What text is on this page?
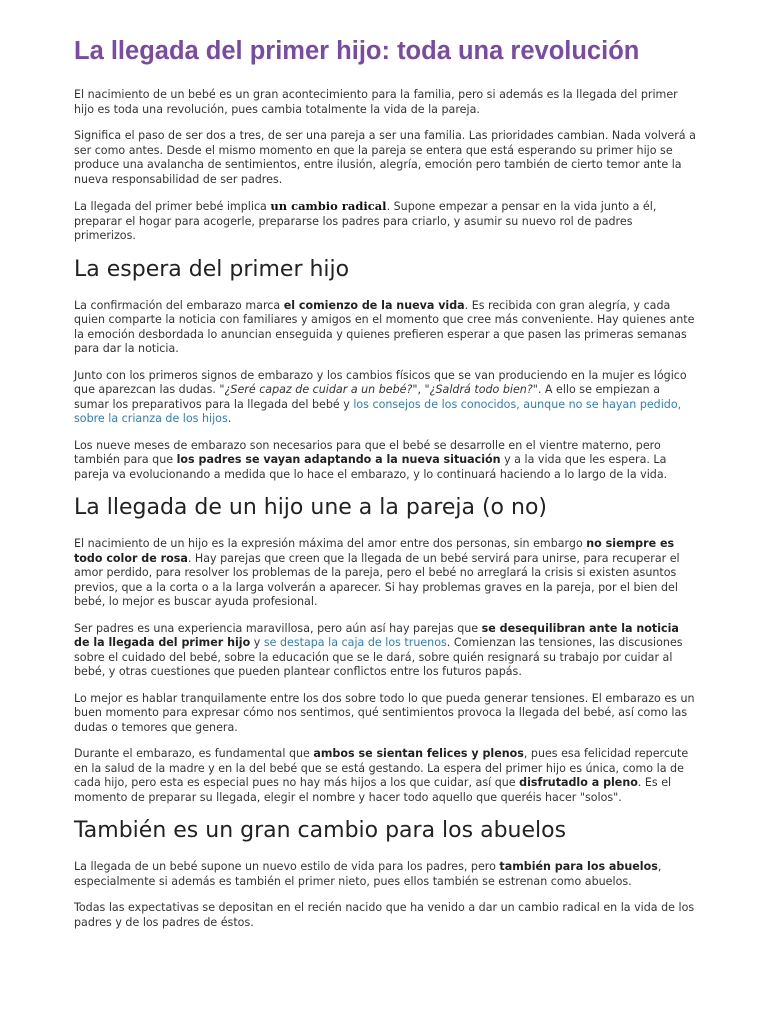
La llegada del primer hijo: toda una revolución

El nacimiento de un bebé es un gran acontecimiento para la familia, pero si además es la llegada del primer hijo es toda una revolución, pues cambia totalmente la vida de la pareja.

Significa el paso de ser dos a tres, de ser una pareja a ser una familia. Las prioridades cambian. Nada volverá a ser como antes. Desde el mismo momento en que la pareja se entera que está esperando su primer hijo se produce una avalancha de sentimientos, entre ilusión, alegría, emoción pero también de cierto temor ante la nueva responsabilidad de ser padres.

La llegada del primer bebé implica un cambio radical. Supone empezar a pensar en la vida junto a él, preparar el hogar para acogerle, prepararse los padres para criarlo, y asumir su nuevo rol de padres primerizos.

La espera del primer hijo

La confirmación del embarazo marca el comienzo de la nueva vida. Es recibida con gran alegría, y cada quien comparte la noticia con familiares y amigos en el momento que cree más conveniente. Hay quienes ante la emoción desbordada lo anuncian enseguida y quienes prefieren esperar a que pasen las primeras semanas para dar la noticia.

Junto con los primeros signos de embarazo y los cambios físicos que se van produciendo en la mujer es lógico que aparezcan las dudas. "¿Seré capaz de cuidar a un bebé?", "¿Saldrá todo bien?". A ello se empiezan a sumar los preparativos para la llegada del bebé y los consejos de los conocidos, aunque no se hayan pedido, sobre la crianza de los hijos.

Los nueve meses de embarazo son necesarios para que el bebé se desarrolle en el vientre materno, pero también para que los padres se vayan adaptando a la nueva situación y a la vida que les espera. La pareja va evolucionando a medida que lo hace el embarazo, y lo continuará haciendo a lo largo de la vida.

La llegada de un hijo une a la pareja (o no)

El nacimiento de un hijo es la expresión máxima del amor entre dos personas, sin embargo no siempre es todo color de rosa. Hay parejas que creen que la llegada de un bebé servirá para unirse, para recuperar el amor perdido, para resolver los problemas de la pareja, pero el bebé no arreglará la crisis si existen asuntos previos, que a la corta o a la larga volverán a aparecer. Si hay problemas graves en la pareja, por el bien del bebé, lo mejor es buscar ayuda profesional.

Ser padres es una experiencia maravillosa, pero aún así hay parejas que se desequilibran ante la noticia de la llegada del primer hijo y se destapa la caja de los truenos. Comienzan las tensiones, las discusiones sobre el cuidado del bebé, sobre la educación que se le dará, sobre quién resignará su trabajo por cuidar al bebé, y otras cuestiones que pueden plantear conflictos entre los futuros papás.

Lo mejor es hablar tranquilamente entre los dos sobre todo lo que pueda generar tensiones. El embarazo es un buen momento para expresar cómo nos sentimos, qué sentimientos provoca la llegada del bebé, así como las dudas o temores que genera.

Durante el embarazo, es fundamental que ambos se sientan felices y plenos, pues esa felicidad repercute en la salud de la madre y en la del bebé que se está gestando. La espera del primer hijo es única, como la de cada hijo, pero esta es especial pues no hay más hijos a los que cuidar, así que disfrutadlo a pleno. Es el momento de preparar su llegada, elegir el nombre y hacer todo aquello que queréis hacer "solos".

También es un gran cambio para los abuelos

La llegada de un bebé supone un nuevo estilo de vida para los padres, pero también para los abuelos, especialmente si además es también el primer nieto, pues ellos también se estrenan como abuelos.

Todas las expectativas se depositan en el recién nacido que ha venido a dar un cambio radical en la vida de los padres y de los padres de éstos.
